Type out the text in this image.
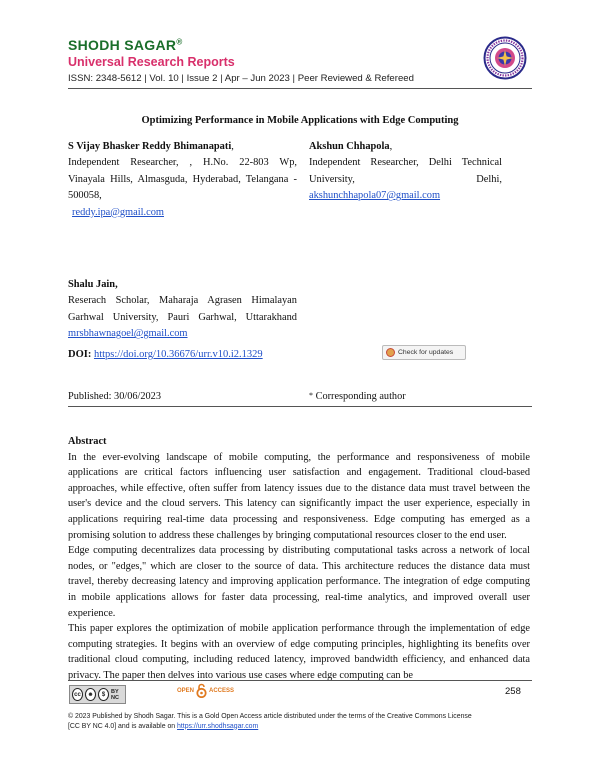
SHODH SAGAR®
Universal Research Reports
ISSN: 2348-5612 | Vol. 10 | Issue 2 | Apr – Jun 2023 | Peer Reviewed & Refereed
Optimizing Performance in Mobile Applications with Edge Computing
S Vijay Bhasker Reddy Bhimanapati,
Independent Researcher, , H.No. 22-803 Wp,
Vinayala Hills, Almasguda, Hyderabad, Telangana -
500058,
reddy.ipa@gmail.com
Akshun Chhapola,
Independent Researcher, Delhi Technical
University, Delhi,
akshunchhapola07@gmail.com
Shalu Jain,
Reserach Scholar, Maharaja Agrasen Himalayan
Garhwal University, Pauri Garhwal, Uttarakhand
mrsbhawnagoel@gmail.com
DOI: https://doi.org/10.36676/urr.v10.i2.1329	Check for updates
Published: 30/06/2023	* Corresponding author

Abstract

In the ever-evolving landscape of mobile computing, the performance and responsiveness of mobile applications are critical factors influencing user satisfaction and engagement. Traditional cloud-based approaches, while effective, often suffer from latency issues due to the distance data must travel between the user's device and the cloud servers. This latency can significantly impact the user experience, especially in applications requiring real-time data processing and responsiveness. Edge computing has emerged as a promising solution to address these challenges by bringing computational resources closer to the end user.

Edge computing decentralizes data processing by distributing computational tasks across a network of local nodes, or "edges," which are closer to the source of data. This architecture reduces the distance data must travel, thereby decreasing latency and improving application performance. The integration of edge computing in mobile applications allows for faster data processing, real-time analytics, and improved overall user experience.

This paper explores the optimization of mobile application performance through the implementation of edge computing strategies. It begins with an overview of edge computing principles, highlighting its benefits over traditional cloud computing, including reduced latency, improved bandwidth efficiency, and enhanced data privacy. The paper then delves into various use cases where edge computing can be

cc	☻	$	BY NC
OPEN	ACCESS	258
© 2023 Published by Shodh Sagar. This is a Gold Open Access article distributed under the terms of the Creative Commons License
[CC BY NC 4.0] and is available on https://urr.shodhsagar.com
